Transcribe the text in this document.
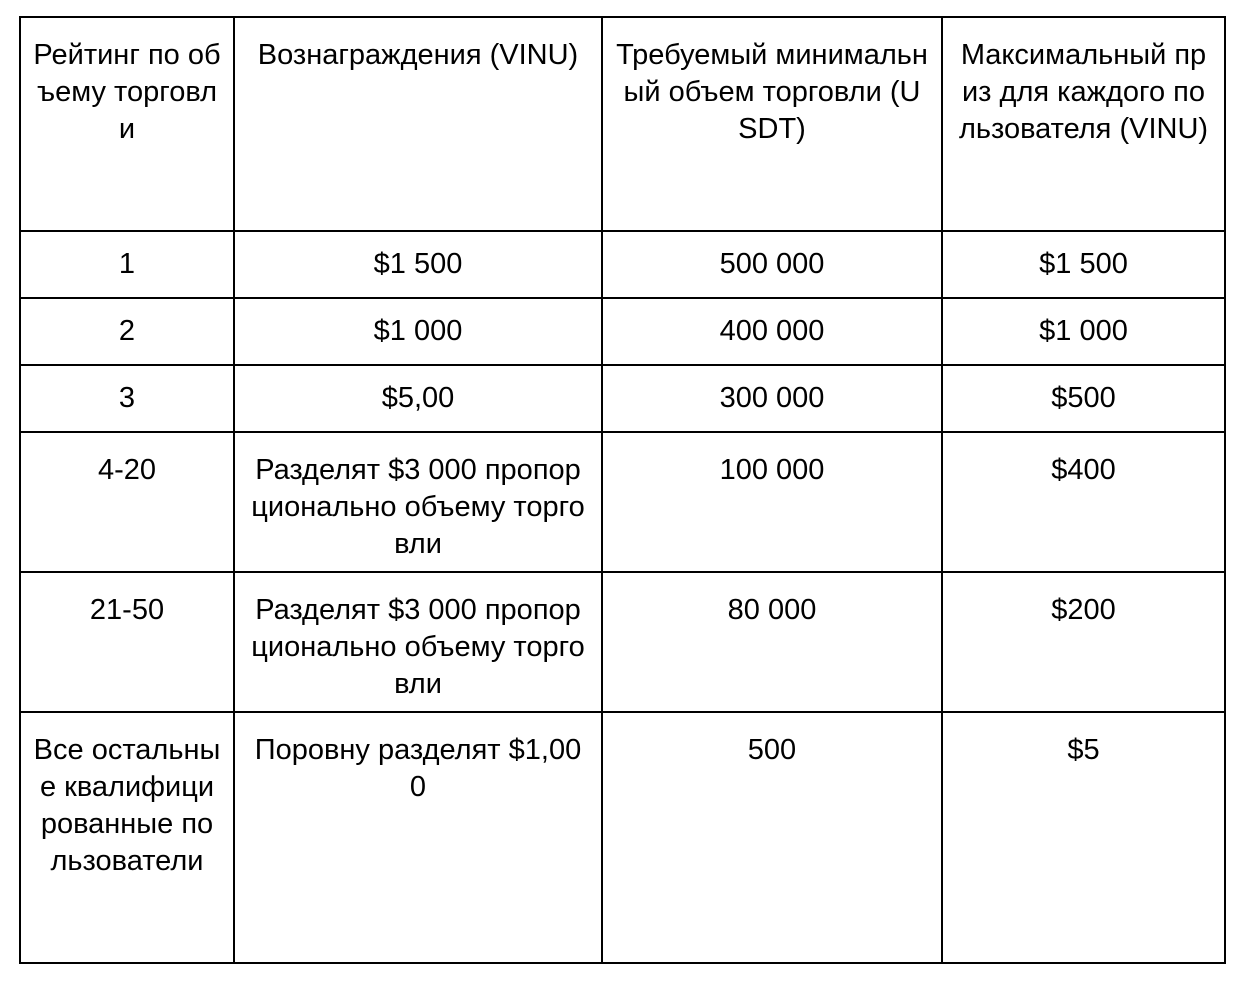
Рейтинг по объему торговли	Вознаграждения (VINU)	Требуемый минимальный объем торговли (USDT)	Максимальный приз для каждого пользователя (VINU)
1	$1 500	500 000	$1 500
2	$1 000	400 000	$1 000
3	$5,00	300 000	$500
4-20	Разделят $3 000 пропорционально объему торговли	100 000	$400
21-50	Разделят $3 000 пропорционально объему торговли	80 000	$200
Все остальные квалифицированные пользователи	Поровну разделят $1,000	500	$5
